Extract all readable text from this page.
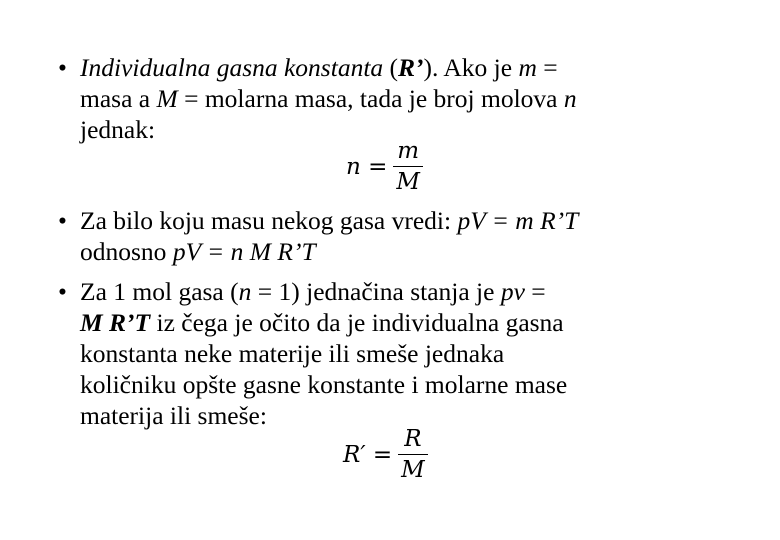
• Individualna gasna konstanta (R’). Ako je m =
masa a M = molarna masa, tada je broj molova n
jednak:
$n = \frac{m}{M}$
• Za bilo koju masu nekog gasa vredi: pV = m R’T
odnosno pV = n M R’T
• Za 1 mol gasa (n = 1) jednačina stanja je pν =
M R’T iz čega je očito da je individualna gasna
konstanta neke materije ili smeše jednaka
količniku opšte gasne konstante i molarne mase
materija ili smeše:
$R' = \frac{R}{M}$
